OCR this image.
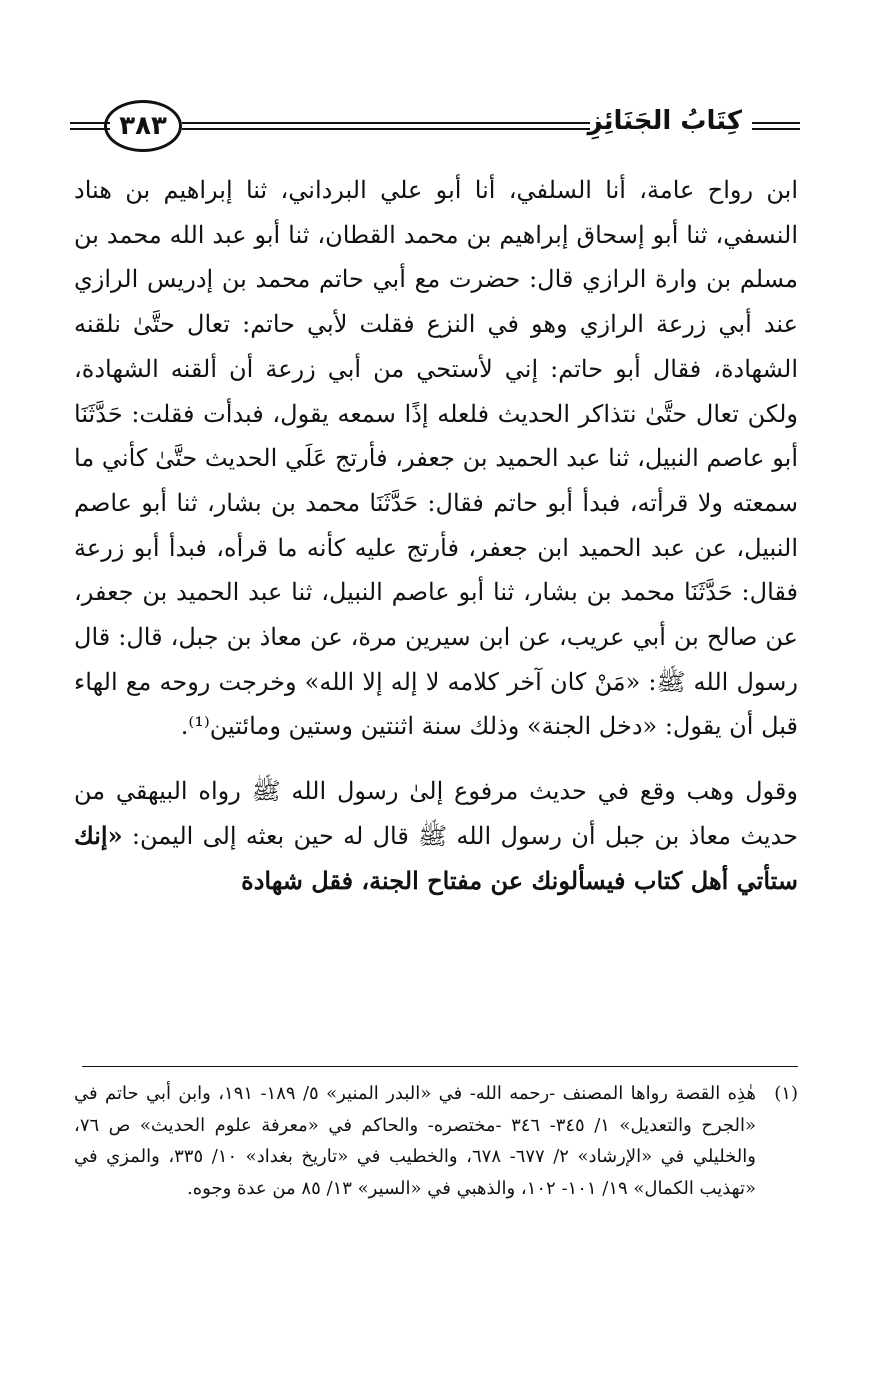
كِتَابُ الجَنَائِزِ
٣٨٣

ابن رواح عامة، أنا السلفي، أنا أبو علي البرداني، ثنا إبراهيم بن هناد النسفي، ثنا أبو إسحاق إبراهيم بن محمد القطان، ثنا أبو عبد الله محمد بن مسلم بن وارة الرازي قال: حضرت مع أبي حاتم محمد بن إدريس الرازي عند أبي زرعة الرازي وهو في النزع فقلت لأبي حاتم: تعال حتَّىٰ نلقنه الشهادة، فقال أبو حاتم: إني لأستحي من أبي زرعة أن ألقنه الشهادة، ولكن تعال حتَّىٰ نتذاكر الحديث فلعله إذًا سمعه يقول، فبدأت فقلت: حَدَّثَنَا أبو عاصم النبيل، ثنا عبد الحميد بن جعفر، فأرتج عَلَي الحديث حتَّىٰ كأني ما سمعته ولا قرأته، فبدأ أبو حاتم فقال: حَدَّثَنَا محمد بن بشار، ثنا أبو عاصم النبيل، عن عبد الحميد ابن جعفر، فأرتج عليه كأنه ما قرأه، فبدأ أبو زرعة فقال: حَدَّثَنَا محمد بن بشار، ثنا أبو عاصم النبيل، ثنا عبد الحميد بن جعفر، عن صالح بن أبي عريب، عن ابن سيرين مرة، عن معاذ بن جبل، قال: قال رسول الله ﷺ: «مَنْ كان آخر كلامه لا إله إلا الله» وخرجت روحه مع الهاء قبل أن يقول: «دخل الجنة» وذلك سنة اثنتين وستين ومائتين⁽¹⁾.

وقول وهب وقع في حديث مرفوع إلىٰ رسول الله ﷺ رواه البيهقي من حديث معاذ بن جبل أن رسول الله ﷺ قال له حين بعثه إلى اليمن: «إنك ستأتي أهل كتاب فيسألونك عن مفتاح الجنة، فقل شهادة

(١)
هٰذِه القصة رواها المصنف -رحمه الله- في «البدر المنير» ٥/ ١٨٩- ١٩١، وابن أبي حاتم في «الجرح والتعديل» ١/ ٣٤٥- ٣٤٦ -مختصره- والحاكم في «معرفة علوم الحديث» ص ٧٦، والخليلي في «الإرشاد» ٢/ ٦٧٧- ٦٧٨، والخطيب في «تاريخ بغداد» ١٠/ ٣٣٥، والمزي في «تهذيب الكمال» ١٩/ ١٠١- ١٠٢، والذهبي في «السير» ١٣/ ٨٥ من عدة وجوه.
